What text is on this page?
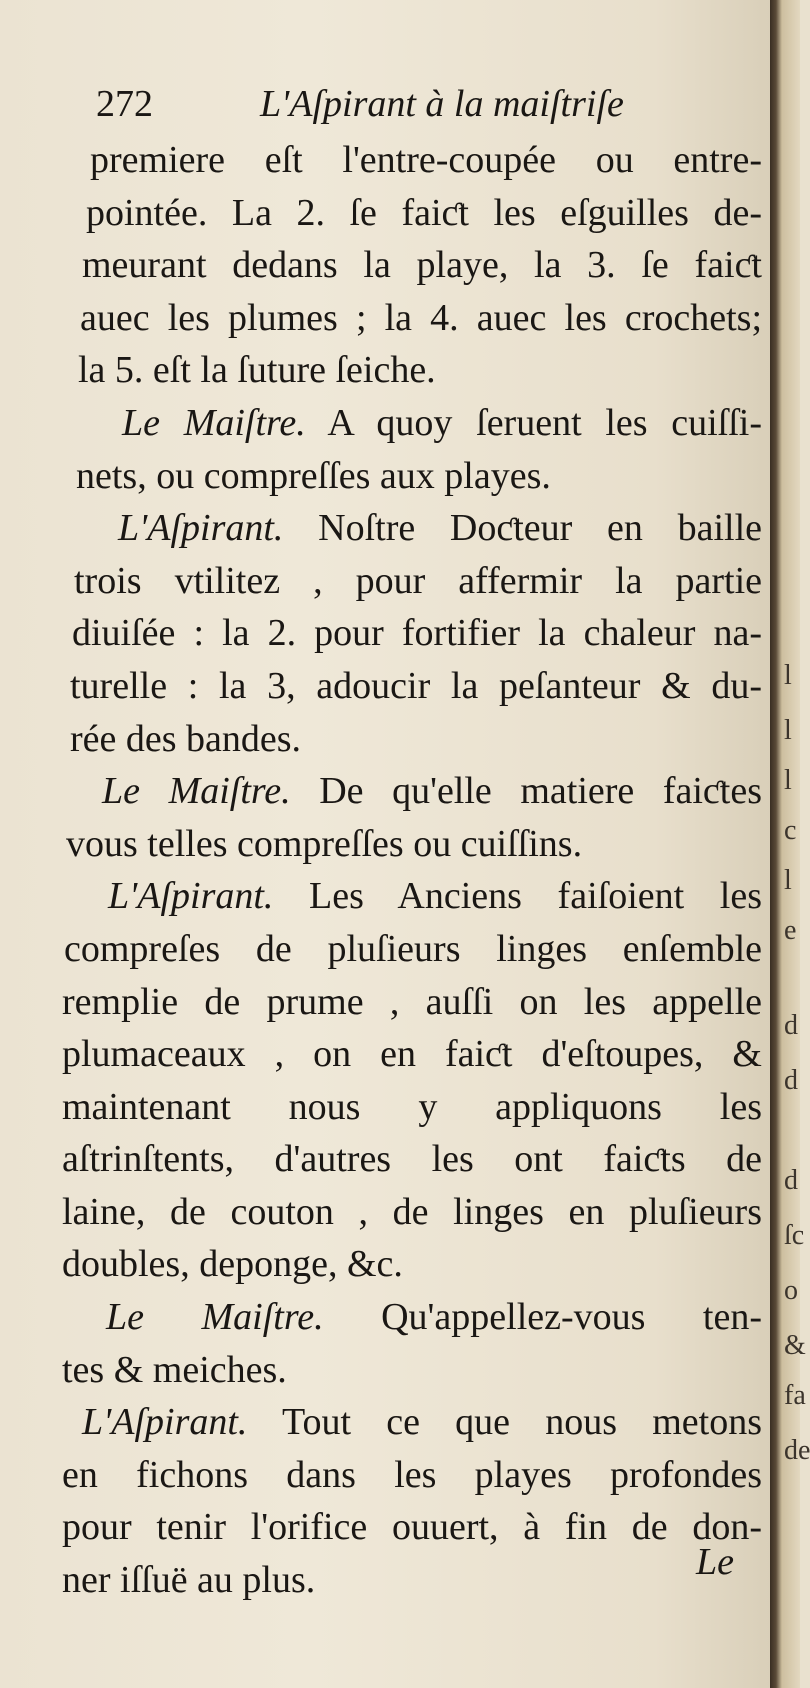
l
l
l
c
l
e
d
d
d
ſc
o
&
fa
de
272	L'Aſpirant à la maiſtriſe
premiere eſt l'entre-coupée ou entre-
pointée. La 2. ſe faiƈt les eſguilles de-
meurant dedans la playe, la 3. ſe faiƈt
auec les plumes ; la 4. auec les crochets;
la 5. eſt la ſuture ſeiche.
Le Maiſtre. A quoy ſeruent les cuiſſi-
nets, ou compreſſes aux playes.
L'Aſpirant. Noſtre Doƈteur en baille
trois vtilitez , pour affermir la partie
diuiſée : la 2. pour fortifier la chaleur na-
turelle : la 3, adoucir la peſanteur & du-
rée des bandes.
Le Maiſtre. De qu'elle matiere faiƈtes
vous telles compreſſes ou cuiſſins.
L'Aſpirant. Les Anciens faiſoient les
compreſes de pluſieurs linges enſemble
remplie de prume , auſſi on les appelle
plumaceaux , on en faiƈt d'eſtoupes, &
maintenant nous y appliquons les
aſtrinſtents, d'autres les ont faiƈts de
laine, de couton , de linges en pluſieurs
doubles, deponge, &c.
Le Maiſtre. Qu'appellez-vous ten-
tes & meiches.
L'Aſpirant. Tout ce que nous metons
en fichons dans les playes profondes
pour tenir l'orifice ouuert, à fin de don-
ner iſſuë au plus.	Le
